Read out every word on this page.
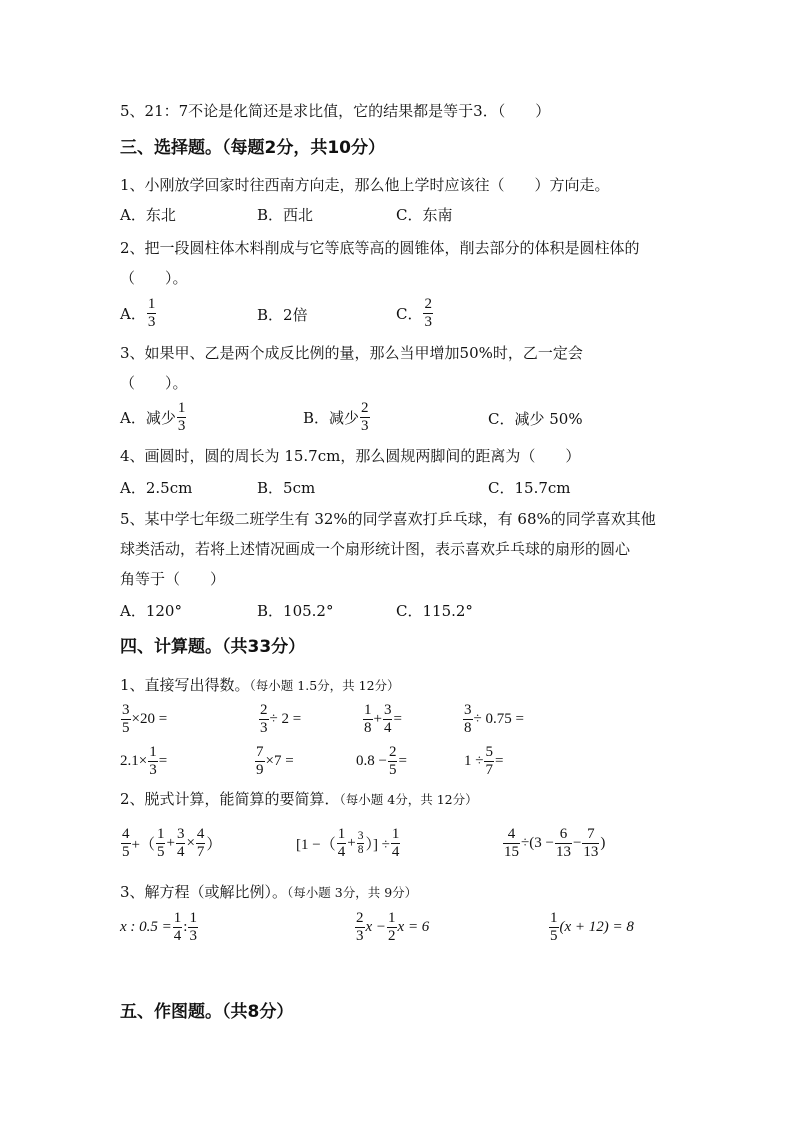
5、21：7不论是化简还是求比值，它的结果都是等于3．（　　）
三、选择题。（每题2分，共10分）
1、小刚放学回家时往西南方向走，那么他上学时应该往（　　）方向走。
A．东北	B．西北	C．东南
2、把一段圆柱体木料削成与它等底等高的圆锥体，削去部分的体积是圆柱体的
（　　）。
A． $\frac{1}{3}$	B．2倍	C． $\frac{2}{3}$
3、如果甲、乙是两个成反比例的量，那么当甲增加50%时，乙一定会
（　　）。
A．减少 $\frac{1}{3}$	B．减少 $\frac{2}{3}$	C．减少 50%
4、画圆时，圆的周长为 15.7cm，那么圆规两脚间的距离为（　　）
A．2.5cm	B．5cm	C．15.7cm
5、某中学七年级二班学生有 32%的同学喜欢打乒乓球，有 68%的同学喜欢其他
球类活动，若将上述情况画成一个扇形统计图，表示喜欢乒乓球的扇形的圆心
角等于（　　）
A．120°	B．105.2°	C．115.2°
四、计算题。（共33分）
1、直接写出得数。（每小题 1.5分，共 12分）
$\frac{3}{5} \times 20$ =	$\frac{2}{3} \div 2$ =	$\frac{1}{8} + \frac{3}{4}$ =	$\frac{3}{8} \div 0.75$ =
$2.1\times \frac{1}{3}$ =	$\frac{7}{9} \times 7$ =	$0.8 - \frac{2}{5}$ =	$1 \div \frac{5}{7}$ =
2、脱式计算，能简算的要简算．（每小题 4分，共 12分）
$\frac{4}{5}$ +（ $\frac{1}{5} + \frac{3}{4} \times \frac{4}{7}$ ）	[1 −（ $\frac{1}{4} + \frac{3}{8}$ ）] ÷ $\frac{1}{4}$	$\frac{4}{15} \div(3 - \frac{6}{13} - \frac{7}{13}$ )
3、解方程（或解比例）。（每小题 3分，共 9分）
x : $0.5 = \frac{1}{4}$ : $\frac{1}{3}$	$\frac{2}{3}$ $x - \frac{1}{2}$ x = 6	$\frac{1}{5} (x + 12) = 8$
五、作图题。（共8分）
